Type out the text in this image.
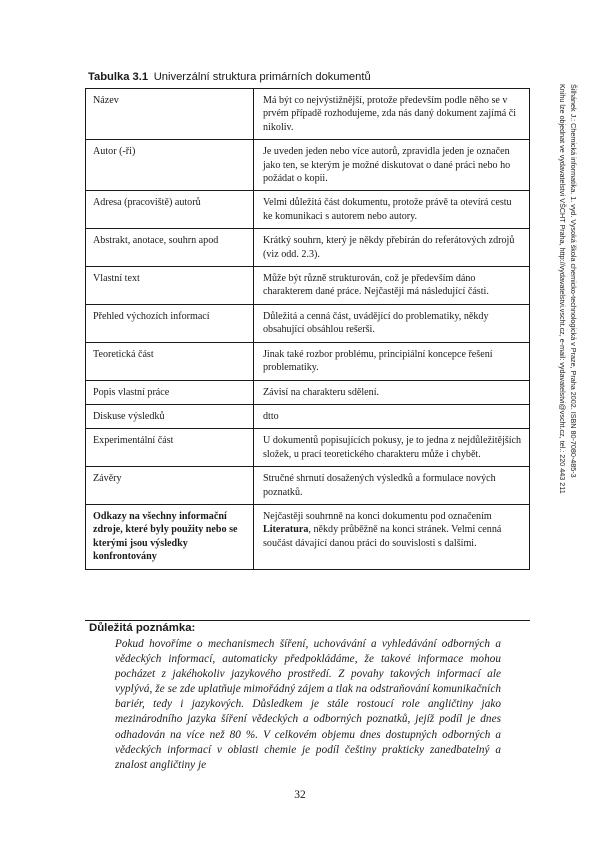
Tabulka 3.1 Univerzální struktura primárních dokumentů
Název	Má být co nejvýstižnější, protože především podle něho se v prvém případě rozhodujeme, zda nás daný dokument zajímá či nikoliv.
Autor (-ři)	Je uveden jeden nebo více autorů, zpravidla jeden je označen jako ten, se kterým je možné diskutovat o dané práci nebo ho požádat o kopii.
Adresa (pracoviště) autorů	Velmi důležitá část dokumentu, protože právě ta otevírá cestu ke komunikaci s autorem nebo autory.
Abstrakt, anotace, souhrn apod	Krátký souhrn, který je někdy přebírán do referátových zdrojů (viz odd. 2.3).
Vlastní text	Může být různě strukturován, což je především dáno charakterem dané práce. Nejčastěji má následující části.
Přehled výchozích informací	Důležitá a cenná část, uvádějící do problematiky, někdy obsahující obsáhlou rešerši.
Teoretická část	Jinak také rozbor problému, principiální koncepce řešení problematiky.
Popis vlastní práce	Závisí na charakteru sdělení.
Diskuse výsledků	dtto
Experimentální část	U dokumentů popisujících pokusy, je to jedna z nejdůležitějších složek, u prací teoretického charakteru může i chybět.
Závěry	Stručné shrnutí dosažených výsledků a formulace nových poznatků.
Odkazy na všechny informační zdroje, které byly použity nebo se kterými jsou výsledky konfrontovány	Nejčastěji souhrnně na konci dokumentu pod označením Literatura, někdy průběžně na konci stránek. Velmi cenná součást dávající danou práci do souvislosti s dalšími.
Šilhánek J.: Chemická informatika. 1. vyd. Vysoká škola chemicko-technologická v Praze, Praha 2002. ISBN 80-7080-485-3
Knihu lze objednat ve vydavatelství VŠCHT Praha, http://vydavatelstvi.vscht.cz, e-mail: vydavatelstvi@vscht.cz, tel.: 220 443 211
Důležitá poznámka:
Pokud hovoříme o mechanismech šíření, uchovávání a vyhledávání odborných a vědeckých informací, automaticky předpokládáme, že takové informace mohou pocházet z jakéhokoliv jazykového prostředí. Z povahy takových informací ale vyplývá, že se zde uplatňuje mimořádný zájem a tlak na odstraňování komunikačních bariér, tedy i jazykových. Důsledkem je stále rostoucí role angličtiny jako mezinárodního jazyka šíření vědeckých a odborných poznatků, jejíž podíl je dnes odhadován na více než 80 %. V celkovém objemu dnes dostupných odborných a vědeckých informací v oblasti chemie je podíl češtiny prakticky zanedbatelný a znalost angličtiny je
32
